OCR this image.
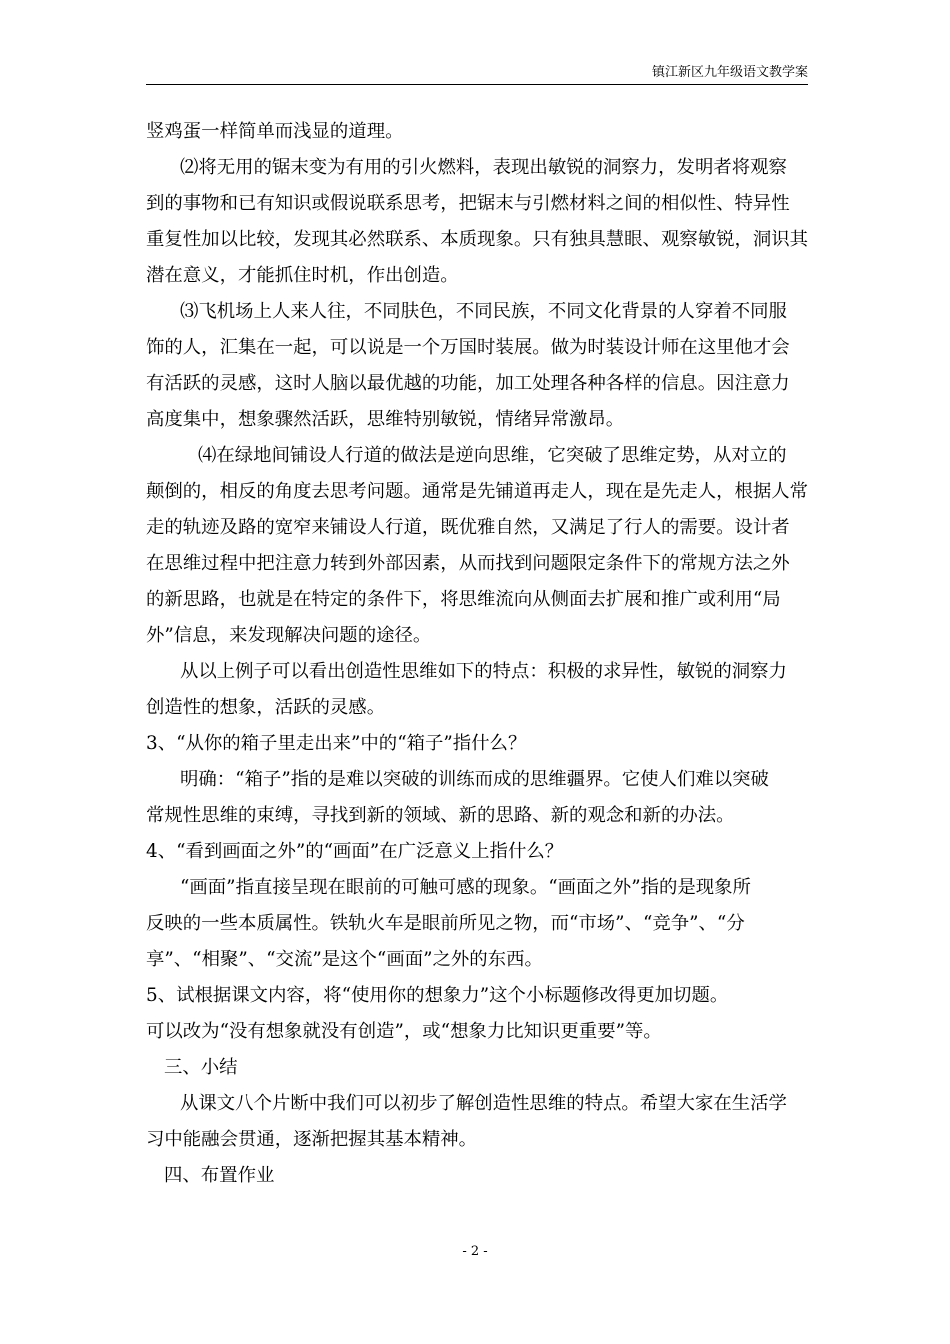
镇江新区九年级语文教学案
竖鸡蛋一样简单而浅显的道理。
⑵将无用的锯末变为有用的引火燃料，表现出敏锐的洞察力，发明者将观察
到的事物和已有知识或假说联系思考，把锯末与引燃材料之间的相似性、特异性
重复性加以比较，发现其必然联系、本质现象。只有独具慧眼、观察敏锐，洞识其
潜在意义，才能抓住时机，作出创造。
⑶飞机场上人来人往，不同肤色，不同民族，不同文化背景的人穿着不同服
饰的人，汇集在一起，可以说是一个万国时装展。做为时装设计师在这里他才会
有活跃的灵感，这时人脑以最优越的功能，加工处理各种各样的信息。因注意力
高度集中，想象骤然活跃，思维特别敏锐，情绪异常激昂。
⑷在绿地间铺设人行道的做法是逆向思维，它突破了思维定势，从对立的
颠倒的，相反的角度去思考问题。通常是先铺道再走人，现在是先走人，根据人常
走的轨迹及路的宽窄来铺设人行道，既优雅自然，又满足了行人的需要。设计者
在思维过程中把注意力转到外部因素，从而找到问题限定条件下的常规方法之外
的新思路，也就是在特定的条件下，将思维流向从侧面去扩展和推广或利用“局
外”信息，来发现解决问题的途径。
从以上例子可以看出创造性思维如下的特点：积极的求异性，敏锐的洞察力
创造性的想象，活跃的灵感。
3、“从你的箱子里走出来”中的“箱子”指什么？
明确：“箱子”指的是难以突破的训练而成的思维疆界。它使人们难以突破
常规性思维的束缚，寻找到新的领域、新的思路、新的观念和新的办法。
4、“看到画面之外”的“画面”在广泛意义上指什么？
“画面”指直接呈现在眼前的可触可感的现象。“画面之外”指的是现象所
反映的一些本质属性。铁轨火车是眼前所见之物，而“市场”、“竞争”、“分
享”、“相聚”、“交流”是这个“画面”之外的东西。
5、试根据课文内容，将“使用你的想象力”这个小标题修改得更加切题。
可以改为“没有想象就没有创造”，或“想象力比知识更重要”等。
三、小结
从课文八个片断中我们可以初步了解创造性思维的特点。希望大家在生活学
习中能融会贯通，逐渐把握其基本精神。
四、布置作业
- 2 -
